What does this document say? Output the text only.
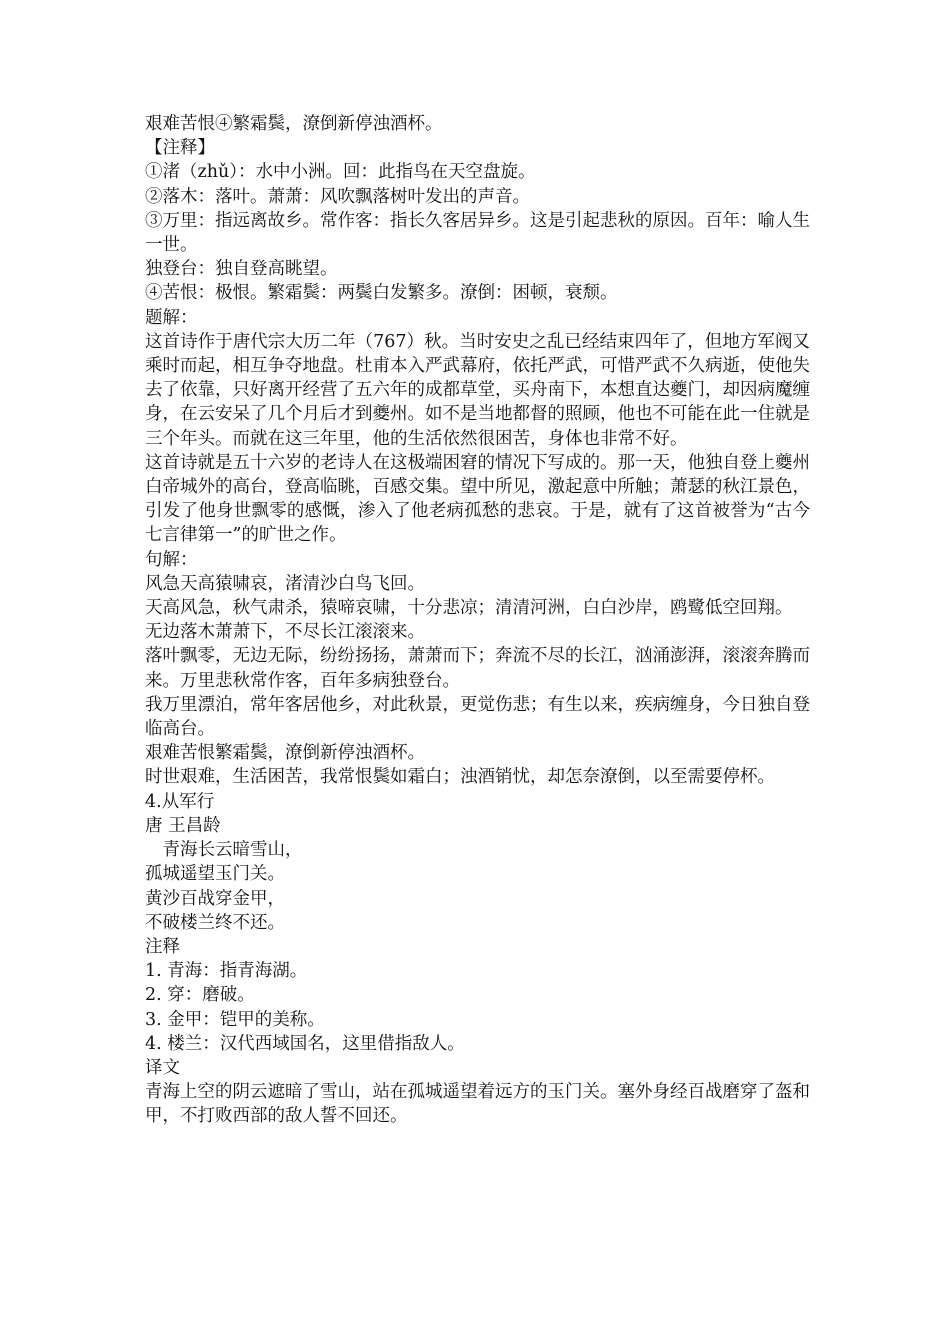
艰难苦恨④繁霜鬓，潦倒新停浊酒杯。
【注释】
①渚（zhǔ）：水中小洲。回：此指鸟在天空盘旋。
②落木：落叶。萧萧：风吹飘落树叶发出的声音。
③万里：指远离故乡。常作客：指长久客居异乡。这是引起悲秋的原因。百年：喻人生一世。
独登台：独自登高眺望。
④苦恨：极恨。繁霜鬓：两鬓白发繁多。潦倒：困顿，衰颓。
题解：
这首诗作于唐代宗大历二年（767）秋。当时安史之乱已经结束四年了，但地方军阀又乘时而起，相互争夺地盘。杜甫本入严武幕府，依托严武，可惜严武不久病逝，使他失去了依靠，只好离开经营了五六年的成都草堂，买舟南下，本想直达夔门，却因病魔缠身，在云安呆了几个月后才到夔州。如不是当地都督的照顾，他也不可能在此一住就是三个年头。而就在这三年里，他的生活依然很困苦，身体也非常不好。
这首诗就是五十六岁的老诗人在这极端困窘的情况下写成的。那一天，他独自登上夔州白帝城外的高台，登高临眺，百感交集。望中所见，激起意中所触；萧瑟的秋江景色，引发了他身世飘零的感慨，渗入了他老病孤愁的悲哀。于是，就有了这首被誉为“古今七言律第一”的旷世之作。
句解：
风急天高猿啸哀，渚清沙白鸟飞回。
天高风急，秋气肃杀，猿啼哀啸，十分悲凉；清清河洲，白白沙岸，鸥鹭低空回翔。
无边落木萧萧下，不尽长江滚滚来。
落叶飘零，无边无际，纷纷扬扬，萧萧而下；奔流不尽的长江，汹涌澎湃，滚滚奔腾而来。万里悲秋常作客，百年多病独登台。
我万里漂泊，常年客居他乡，对此秋景，更觉伤悲；有生以来，疾病缠身，今日独自登临高台。
艰难苦恨繁霜鬓，潦倒新停浊酒杯。
时世艰难，生活困苦，我常恨鬓如霜白；浊酒销忧，却怎奈潦倒，以至需要停杯。
4.从军行
唐 王昌龄
　青海长云暗雪山，
孤城遥望玉门关。
黄沙百战穿金甲，
不破楼兰终不还。
注释
1. 青海：指青海湖。
2. 穿：磨破。
3. 金甲：铠甲的美称。
4. 楼兰：汉代西域国名，这里借指敌人。
译文
青海上空的阴云遮暗了雪山，站在孤城遥望着远方的玉门关。塞外身经百战磨穿了盔和甲，不打败西部的敌人誓不回还。
